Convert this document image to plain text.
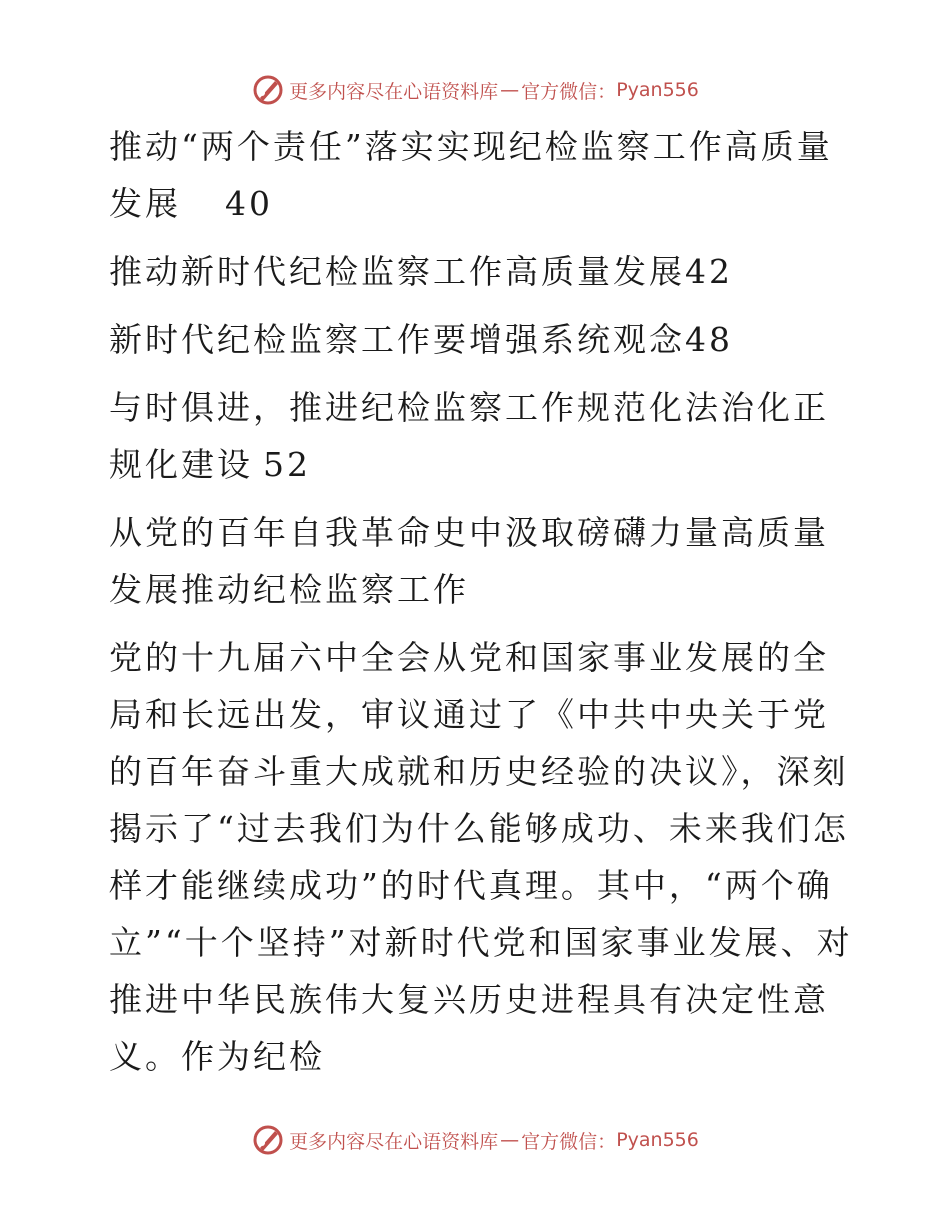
更多内容尽在心语资料库 — 官方微信： Pyan556

推动“两个责任”落实实现纪检监察工作高质量发展 40

推动新时代纪检监察工作高质量发展42

新时代纪检监察工作要增强系统观念48

与时俱进，推进纪检监察工作规范化法治化正规化建设 52

从党的百年自我革命史中汲取磅礴力量高质量发展推动纪检监察工作

党的十九届六中全会从党和国家事业发展的全局和长远出发，审议通过了《中共中央关于党的百年奋斗重大成就和历史经验的决议》，深刻揭示了“过去我们为什么能够成功、未来我们怎样才能继续成功”的时代真理。其中，“两个确立”“十个坚持”对新时代党和国家事业发展、对推进中华民族伟大复兴历史进程具有决定性意义。作为纪检

更多内容尽在心语资料库 — 官方微信： Pyan556
